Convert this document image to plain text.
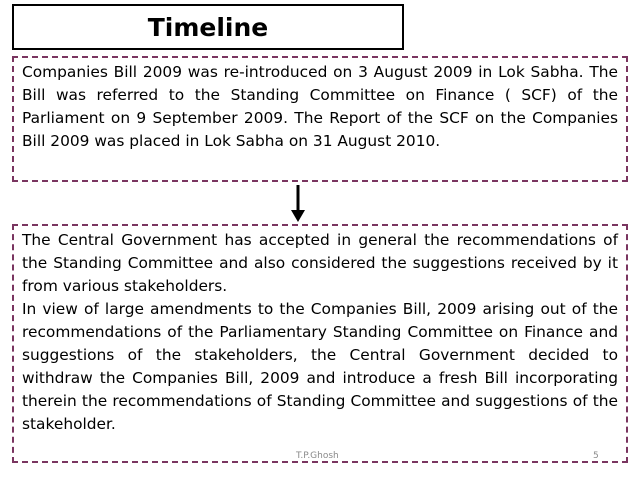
Timeline

Companies Bill 2009 was re-introduced on 3 August 2009 in Lok Sabha. The Bill was referred to the Standing Committee on Finance ( SCF) of the Parliament on 9 September 2009. The Report of the SCF on the Companies Bill 2009 was placed in Lok Sabha on 31 August 2010.

The Central Government has accepted in general the recommendations of the Standing Committee and also considered the suggestions received by it from various stakeholders.

In view of large amendments to the Companies Bill, 2009 arising out of the recommendations of the Parliamentary Standing Committee on Finance and suggestions of the stakeholders, the Central Government decided to withdraw the Companies Bill, 2009 and introduce a fresh Bill incorporating therein the recommendations of Standing Committee and suggestions of the stakeholder.

T.P.Ghosh	5
